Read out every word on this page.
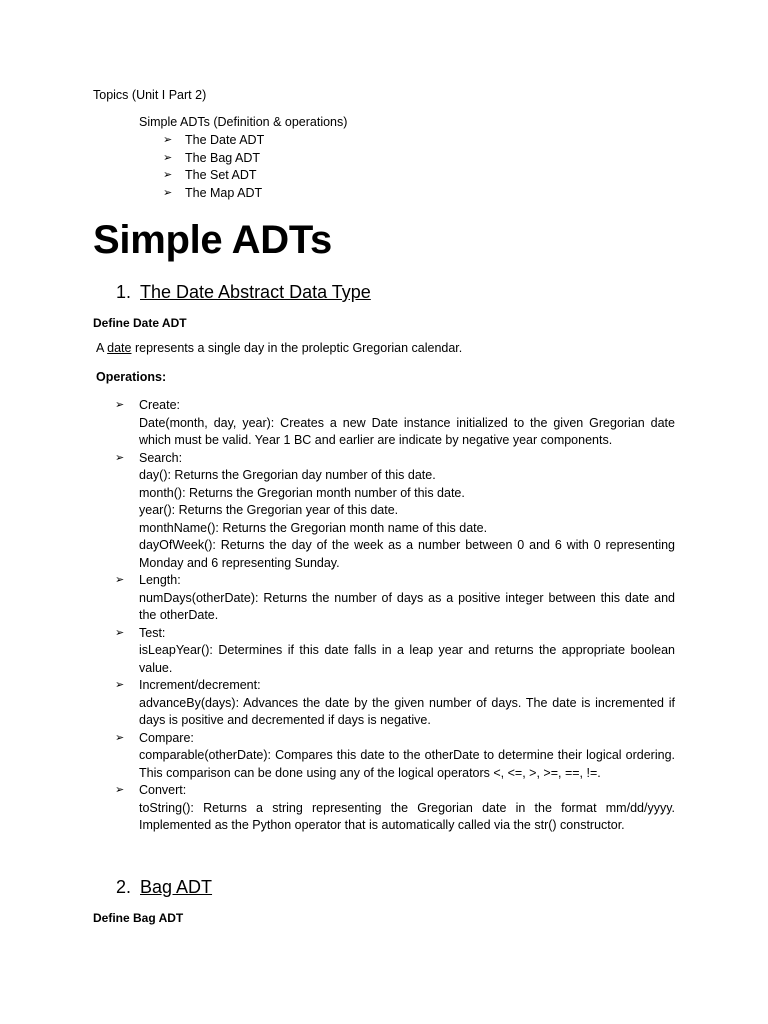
Topics (Unit I Part 2)
Simple ADTs (Definition & operations)
➢	The Date ADT
➢	The Bag ADT
➢	The Set ADT
➢	The Map ADT
Simple ADTs
1. The Date Abstract Data Type
Define Date ADT
A date represents a single day in the proleptic Gregorian calendar.
Operations:
➢	Create:
Date(month, day, year): Creates a new Date instance initialized to the given Gregorian date which must be valid. Year 1 BC and earlier are indicate by negative year components.
➢	Search:
day(): Returns the Gregorian day number of this date.
month(): Returns the Gregorian month number of this date.
year(): Returns the Gregorian year of this date.
monthName(): Returns the Gregorian month name of this date.
dayOfWeek(): Returns the day of the week as a number between 0 and 6 with 0 representing Monday and 6 representing Sunday.
➢	Length:
numDays(otherDate): Returns the number of days as a positive integer between this date and the otherDate.
➢	Test:
isLeapYear(): Determines if this date falls in a leap year and returns the appropriate boolean value.
➢	Increment/decrement:
advanceBy(days): Advances the date by the given number of days. The date is incremented if days is positive and decremented if days is negative.
➢	Compare:
comparable(otherDate): Compares this date to the otherDate to determine their logical ordering. This comparison can be done using any of the logical operators <, <=, >, >=, ==, !=.
➢	Convert:
toString(): Returns a string representing the Gregorian date in the format mm/dd/yyyy. Implemented as the Python operator that is automatically called via the str() constructor.
2. Bag ADT
Define Bag ADT
